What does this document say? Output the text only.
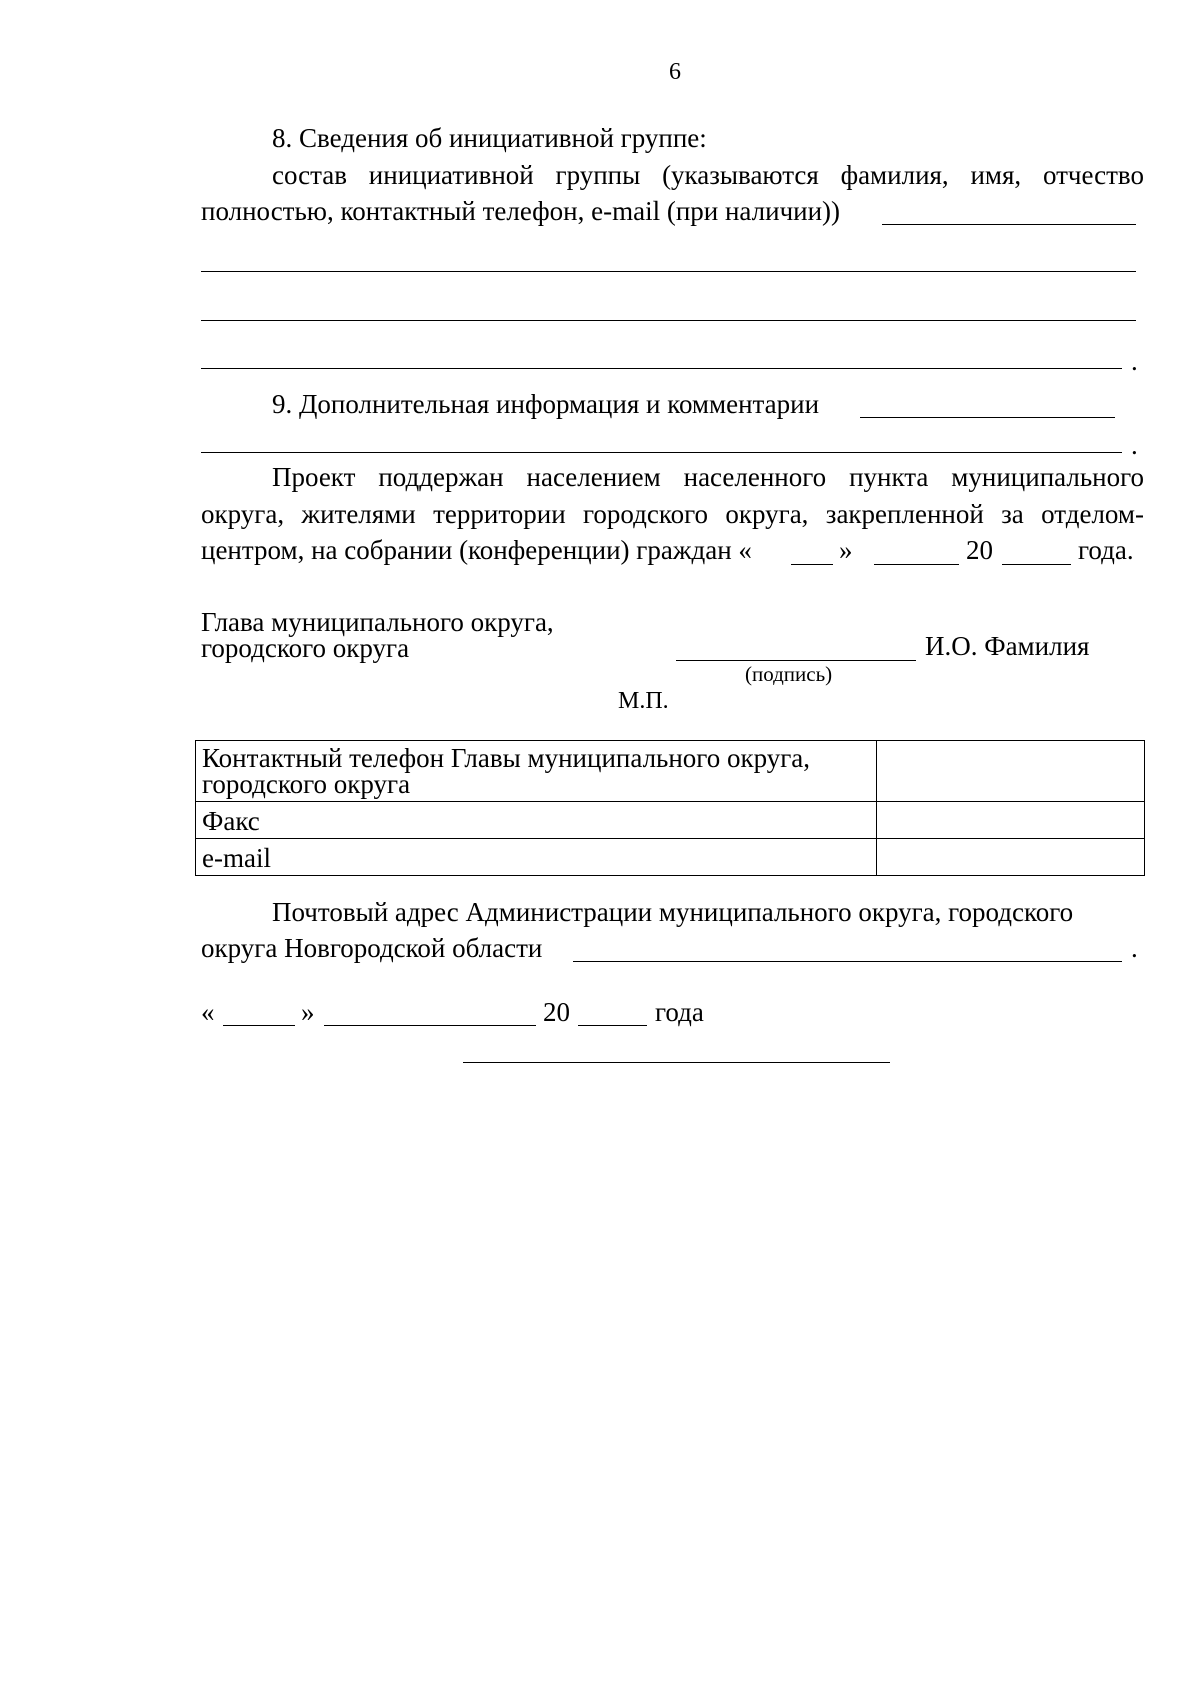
6
8. Сведения об инициативной группе:
состав инициативной группы (указываются фамилия, имя, отчество
полностью, контактный телефон, e-mail (при наличии))
.
9. Дополнительная информация и комментарии
.
Проект поддержан населением населенного пункта муниципального
округа, жителями территории городского округа, закрепленной за отделом-
центром, на собрании (конференции) граждан «	»	20	года.
Глава муниципального округа,
городского округа	И.О. Фамилия
(подпись)
М.П.
Контактный телефон Главы муниципального округа, городского округа	
Факс	
e-mail	
Почтовый адрес Администрации муниципального округа, городского
округа Новгородской области	.
«	»	20	года
